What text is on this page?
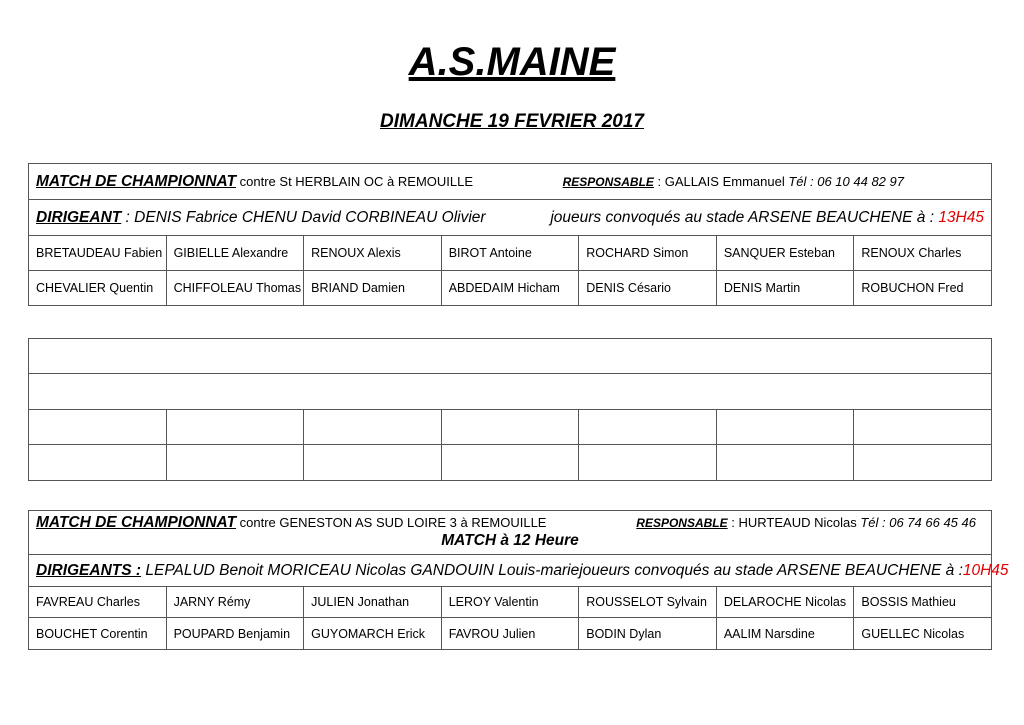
A.S.MAINE
DIMANCHE 19 FEVRIER 2017
MATCH DE CHAMPIONNAT contre St HERBLAIN OC à REMOUILLE RESPONSABLE : GALLAIS Emmanuel Tél : 06 10 44 82 97						

DIRIGEANT : DENIS Fabrice CHENU David CORBINEAU Olivier joueurs convoqués au stade ARSENE BEAUCHENE à : 13H45						

BRETAUDEAU Fabien	GIBIELLE Alexandre	RENOUX Alexis	BIROT Antoine	ROCHARD Simon	SANQUER Esteban	RENOUX Charles
CHEVALIER Quentin	CHIFFOLEAU Thomas	BRIAND Damien	ABDEDAIM Hicham	DENIS Césario	DENIS Martin	ROBUCHON Fred

MATCH DE CHAMPIONNAT contre GENESTON AS SUD LOIRE 3 à REMOUILLE RESPONSABLE : HURTEAUD Nicolas Tél : 06 74 66 45 46
MATCH à 12 Heure						

DIRIGEANTS : LEPALUD Benoit MORICEAU Nicolas GANDOUIN Louis-marie joueurs convoqués au stade ARSENE BEAUCHENE à :10H45						

FAVREAU Charles	JARNY Rémy	JULIEN Jonathan	LEROY Valentin	ROUSSELOT Sylvain	DELAROCHE Nicolas	BOSSIS Mathieu
BOUCHET Corentin	POUPARD Benjamin	GUYOMARCH Erick	FAVROU Julien	BODIN Dylan	AALIM Narsdine	GUELLEC Nicolas
